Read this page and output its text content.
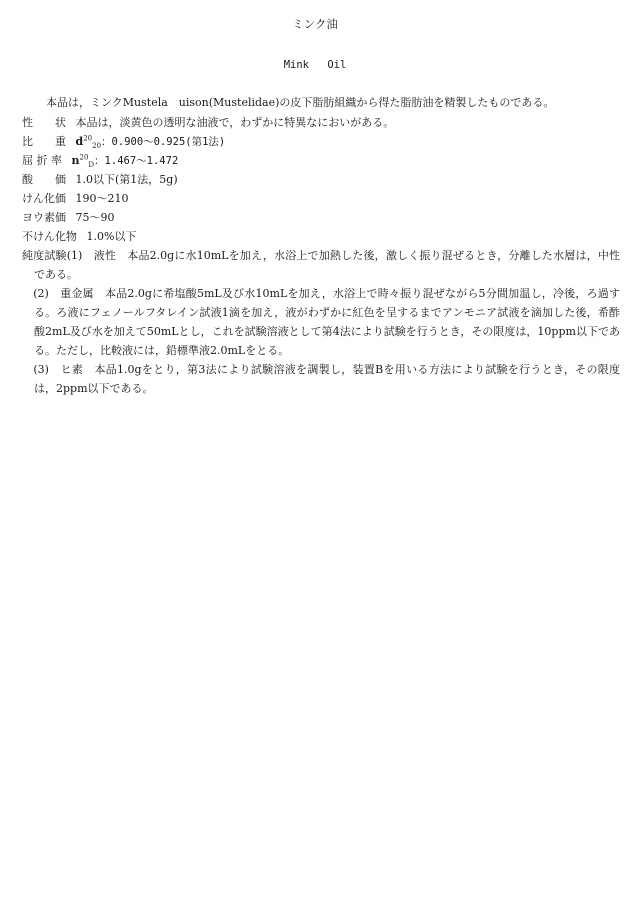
ミンク油
Mink Oil
本品は，ミンクMustela　uison(Mustelidae)の皮下脂肪組織から得た脂肪油を精製したものである。
性　　状 本品は，淡黄色の透明な油液で，わずかに特異なにおいがある。
比　　重 $d^{20}_{20}$：0.900～0.925(第1法)
屈 折 率 $n^{20}_D$：1.467～1.472
酸　　価 1.0以下(第1法，5g)
けん化価 190～210
ヨウ素価 75～90
不けん化物 1.0%以下

純度試験(1)　 液性　 本品2.0gに水10mLを加え，水浴上で加熱した後，激しく振り混ぜるとき，分離した水層は，中性である。

　(2)　 重金属　 本品2.0gに希塩酸5mL及び水10mLを加え，水浴上で時々振り混ぜながら5分間加温し，冷後，ろ過する。ろ液にフェノールフタレイン試液1滴を加え，液がわずかに紅色を呈するまでアンモニア試液を滴加した後，希酢酸2mL及び水を加えて50mLとし，これを試験溶液として第4法により試験を行うとき，その限度は，10ppm以下である。ただし，比較液には，鉛標準液2.0mLをとる。

　(3)　 ヒ素　 本品1.0gをとり，第3法により試験溶液を調製し，装置Bを用いる方法により試験を行うとき，その限度は，2ppm以下である。
